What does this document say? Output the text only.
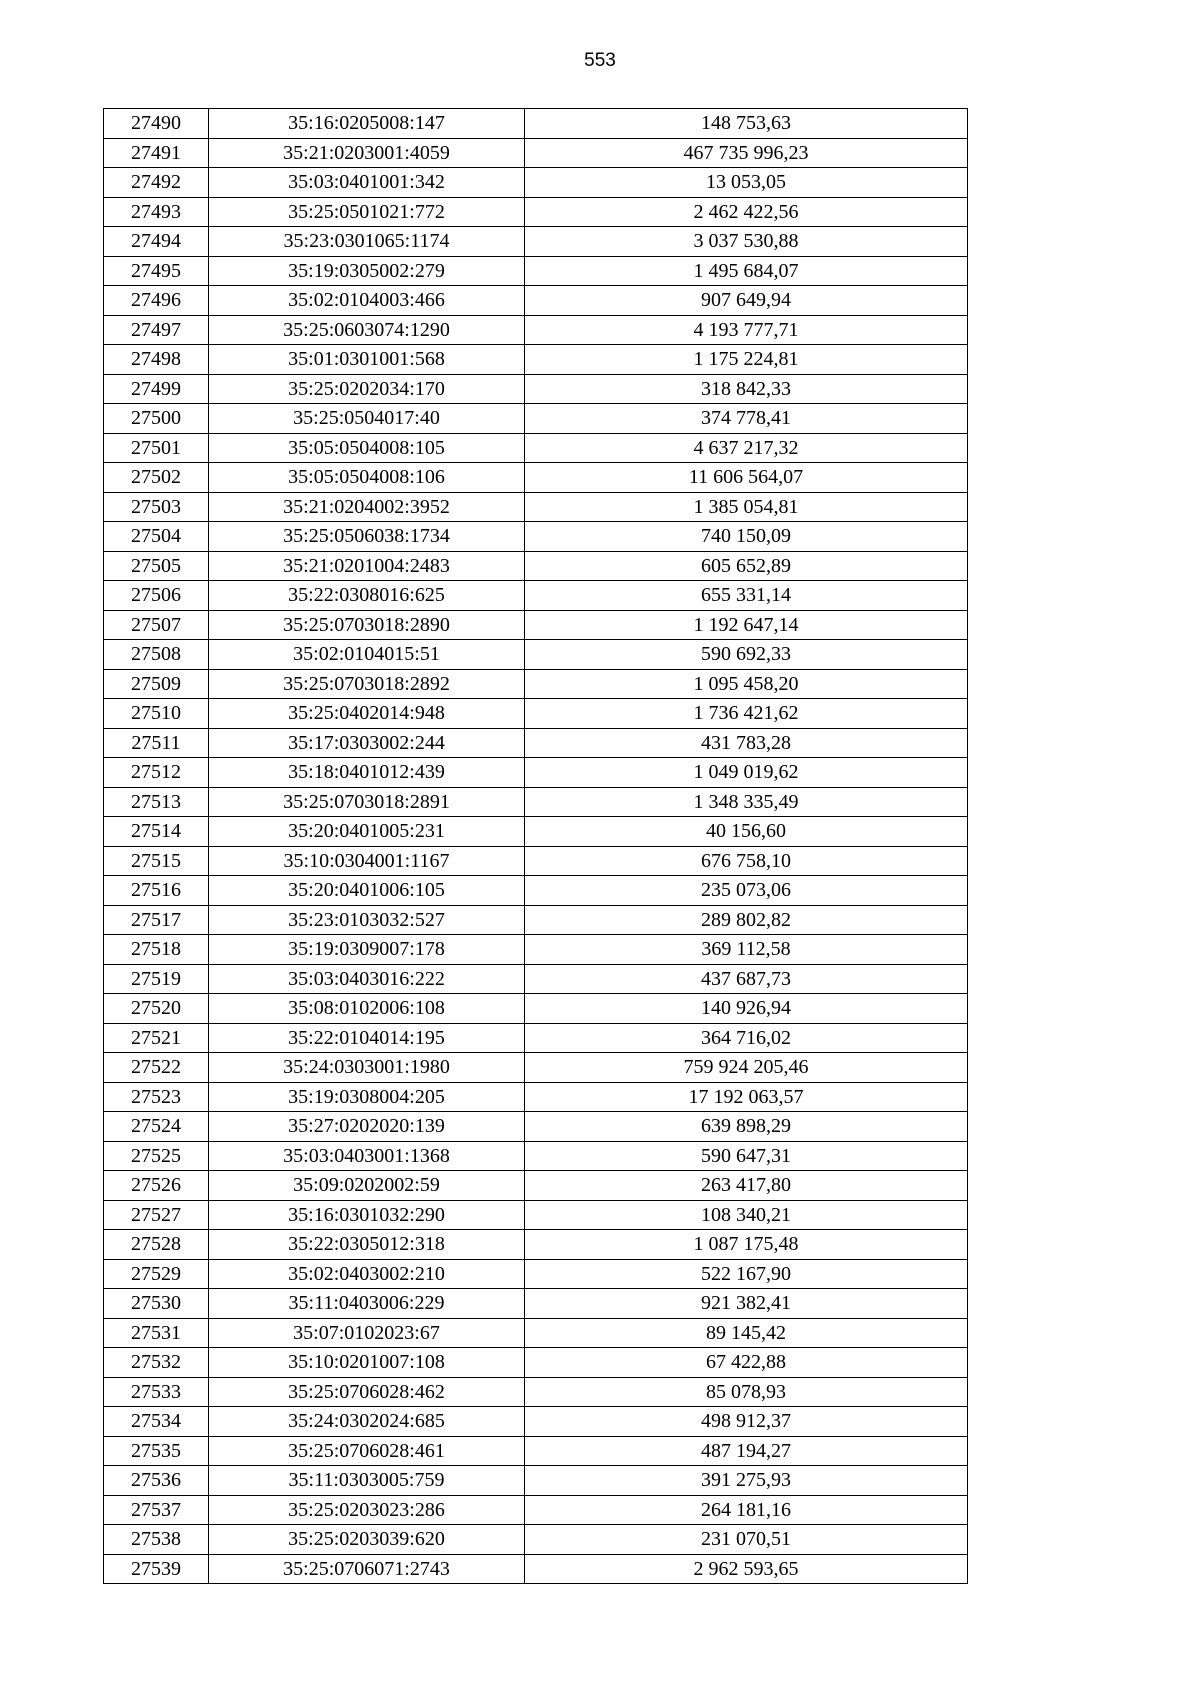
553
27490	35:16:0205008:147	148 753,63
27491	35:21:0203001:4059	467 735 996,23
27492	35:03:0401001:342	13 053,05
27493	35:25:0501021:772	2 462 422,56
27494	35:23:0301065:1174	3 037 530,88
27495	35:19:0305002:279	1 495 684,07
27496	35:02:0104003:466	907 649,94
27497	35:25:0603074:1290	4 193 777,71
27498	35:01:0301001:568	1 175 224,81
27499	35:25:0202034:170	318 842,33
27500	35:25:0504017:40	374 778,41
27501	35:05:0504008:105	4 637 217,32
27502	35:05:0504008:106	11 606 564,07
27503	35:21:0204002:3952	1 385 054,81
27504	35:25:0506038:1734	740 150,09
27505	35:21:0201004:2483	605 652,89
27506	35:22:0308016:625	655 331,14
27507	35:25:0703018:2890	1 192 647,14
27508	35:02:0104015:51	590 692,33
27509	35:25:0703018:2892	1 095 458,20
27510	35:25:0402014:948	1 736 421,62
27511	35:17:0303002:244	431 783,28
27512	35:18:0401012:439	1 049 019,62
27513	35:25:0703018:2891	1 348 335,49
27514	35:20:0401005:231	40 156,60
27515	35:10:0304001:1167	676 758,10
27516	35:20:0401006:105	235 073,06
27517	35:23:0103032:527	289 802,82
27518	35:19:0309007:178	369 112,58
27519	35:03:0403016:222	437 687,73
27520	35:08:0102006:108	140 926,94
27521	35:22:0104014:195	364 716,02
27522	35:24:0303001:1980	759 924 205,46
27523	35:19:0308004:205	17 192 063,57
27524	35:27:0202020:139	639 898,29
27525	35:03:0403001:1368	590 647,31
27526	35:09:0202002:59	263 417,80
27527	35:16:0301032:290	108 340,21
27528	35:22:0305012:318	1 087 175,48
27529	35:02:0403002:210	522 167,90
27530	35:11:0403006:229	921 382,41
27531	35:07:0102023:67	89 145,42
27532	35:10:0201007:108	67 422,88
27533	35:25:0706028:462	85 078,93
27534	35:24:0302024:685	498 912,37
27535	35:25:0706028:461	487 194,27
27536	35:11:0303005:759	391 275,93
27537	35:25:0203023:286	264 181,16
27538	35:25:0203039:620	231 070,51
27539	35:25:0706071:2743	2 962 593,65
